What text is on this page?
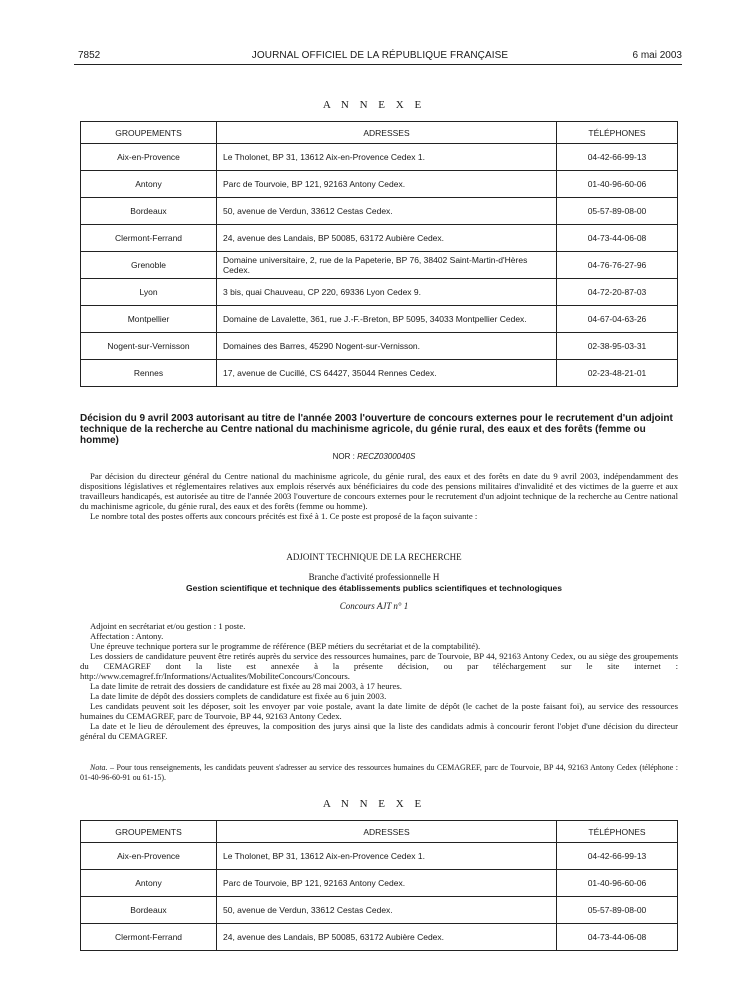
7852	JOURNAL OFFICIEL DE LA RÉPUBLIQUE FRANÇAISE	6 mai 2003
A N N E X E
GROUPEMENTS	ADRESSES	TÉLÉPHONES
Aix-en-Provence	Le Tholonet, BP 31, 13612 Aix-en-Provence Cedex 1.	04-42-66-99-13
Antony	Parc de Tourvoie, BP 121, 92163 Antony Cedex.	01-40-96-60-06
Bordeaux	50, avenue de Verdun, 33612 Cestas Cedex.	05-57-89-08-00
Clermont-Ferrand	24, avenue des Landais, BP 50085, 63172 Aubière Cedex.	04-73-44-06-08
Grenoble	Domaine universitaire, 2, rue de la Papeterie, BP 76, 38402 Saint-Martin-d'Hères Cedex.	04-76-76-27-96
Lyon	3 bis, quai Chauveau, CP 220, 69336 Lyon Cedex 9.	04-72-20-87-03
Montpellier	Domaine de Lavalette, 361, rue J.-F.-Breton, BP 5095, 34033 Montpellier Cedex.	04-67-04-63-26
Nogent-sur-Vernisson	Domaines des Barres, 45290 Nogent-sur-Vernisson.	02-38-95-03-31
Rennes	17, avenue de Cucillé, CS 64427, 35044 Rennes Cedex.	02-23-48-21-01
Décision du 9 avril 2003 autorisant au titre de l'année 2003 l'ouverture de concours externes pour le recrutement d'un adjoint technique de la recherche au Centre national du machinisme agricole, du génie rural, des eaux et des forêts (femme ou homme)
NOR : RECZ0300040S

Par décision du directeur général du Centre national du machinisme agricole, du génie rural, des eaux et des forêts en date du 9 avril 2003, indépendamment des dispositions législatives et réglementaires relatives aux emplois réservés aux bénéficiaires du code des pensions militaires d'invalidité et des victimes de la guerre et aux travailleurs handicapés, est autorisée au titre de l'année 2003 l'ouverture de concours externes pour le recrutement d'un adjoint technique de la recherche au Centre national du machinisme agricole, du génie rural, des eaux et des forêts (femme ou homme).

Le nombre total des postes offerts aux concours précités est fixé à 1. Ce poste est proposé de la façon suivante :

ADJOINT TECHNIQUE DE LA RECHERCHE
Branche d'activité professionnelle H
Gestion scientifique et technique des établissements publics scientifiques et technologiques
Concours AJT n° 1

Adjoint en secrétariat et/ou gestion : 1 poste.

Affectation : Antony.

Une épreuve technique portera sur le programme de référence (BEP métiers du secrétariat et de la comptabilité).

Les dossiers de candidature peuvent être retirés auprès du service des ressources humaines, parc de Tourvoie, BP 44, 92163 Antony Cedex, ou au siège des groupements du CEMAGREF dont la liste est annexée à la présente décision, ou par téléchargement sur le site internet : http://www.cemagref.fr/Informations/Actualites/MobiliteConcours/Concours.

La date limite de retrait des dossiers de candidature est fixée au 28 mai 2003, à 17 heures.

La date limite de dépôt des dossiers complets de candidature est fixée au 6 juin 2003.

Les candidats peuvent soit les déposer, soit les envoyer par voie postale, avant la date limite de dépôt (le cachet de la poste faisant foi), au service des ressources humaines du CEMAGREF, parc de Tourvoie, BP 44, 92163 Antony Cedex.

La date et le lieu de déroulement des épreuves, la composition des jurys ainsi que la liste des candidats admis à concourir feront l'objet d'une décision du directeur général du CEMAGREF.

Nota. – Pour tous renseignements, les candidats peuvent s'adresser au service des ressources humaines du CEMAGREF, parc de Tourvoie, BP 44, 92163 Antony Cedex (téléphone : 01-40-96-60-91 ou 61-15).

A N N E X E
GROUPEMENTS	ADRESSES	TÉLÉPHONES
Aix-en-Provence	Le Tholonet, BP 31, 13612 Aix-en-Provence Cedex 1.	04-42-66-99-13
Antony	Parc de Tourvoie, BP 121, 92163 Antony Cedex.	01-40-96-60-06
Bordeaux	50, avenue de Verdun, 33612 Cestas Cedex.	05-57-89-08-00
Clermont-Ferrand	24, avenue des Landais, BP 50085, 63172 Aubière Cedex.	04-73-44-06-08
